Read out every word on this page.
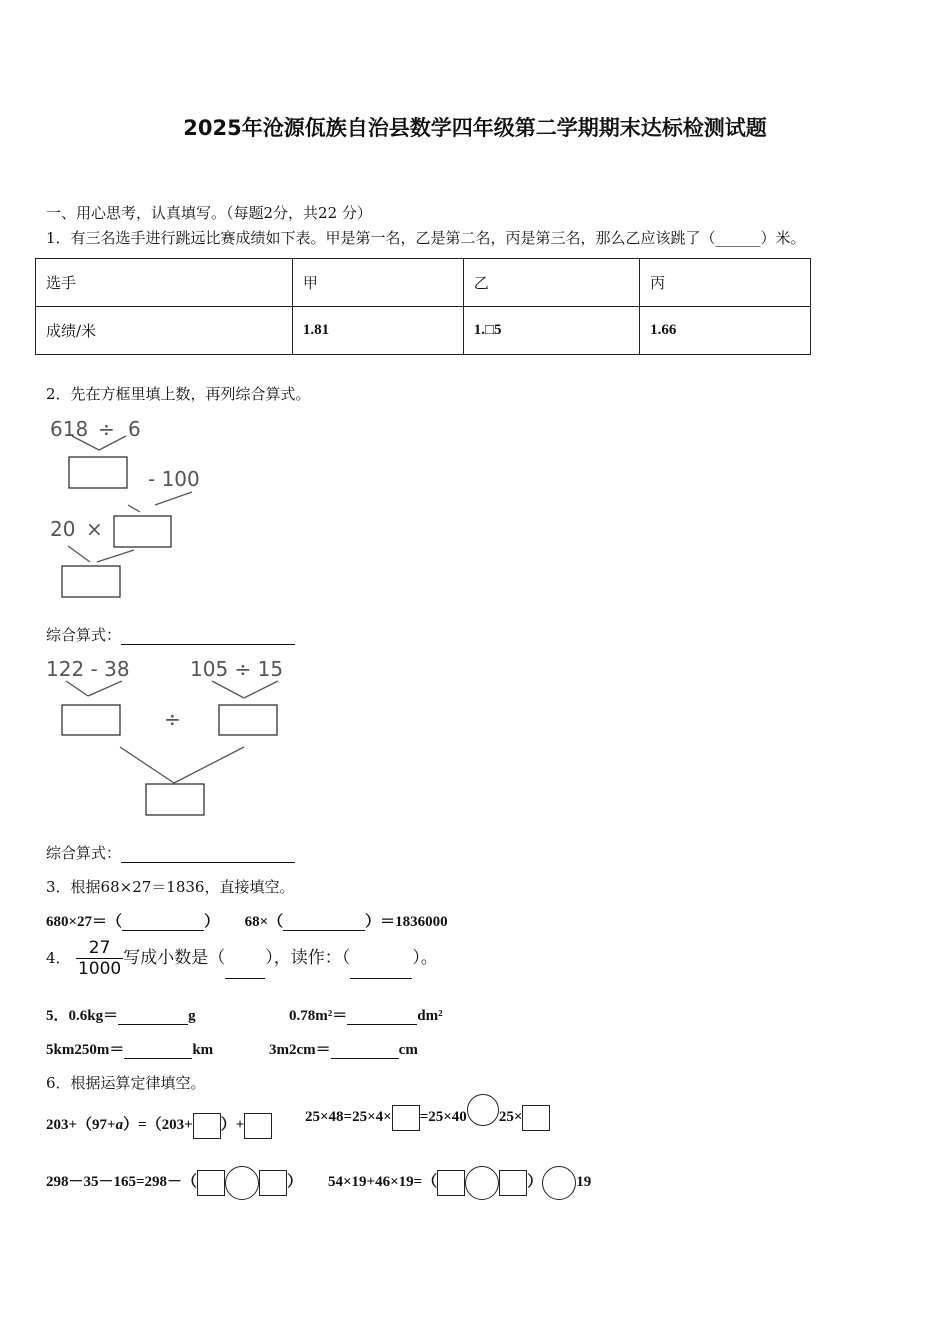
2025年沧源佤族自治县数学四年级第二学期期末达标检测试题
一、用心思考，认真填写。（每题2分，共22 分）
1．有三名选手进行跳远比赛成绩如下表。甲是第一名，乙是第二名，丙是第三名，那么乙应该跳了（______）米。
选手	甲	乙	丙
成绩/米	1.81	1.□5	1.66
2．先在方框里填上数，再列综合算式。
618 ÷ 6
- 100
20 ×
122 - 38	105 ÷ 15
÷
综合算式：
综合算式：
3．根据68×27＝1836，直接填空。
680×27＝（	） 68×（	）＝1836000
4． $\frac{27}{1000}$ 写成小数是（ ），读作：（	）。
5．0.6kg＝	g	0.78m²＝	dm²
5km250m＝	km	3m2cm＝	cm
6．根据运算定律填空。
203+（97+a）=（203+ ）+	25×48=25×4× =25×40 25×
298－35－165=298－（	） 54×19+46×19=（	） 19
